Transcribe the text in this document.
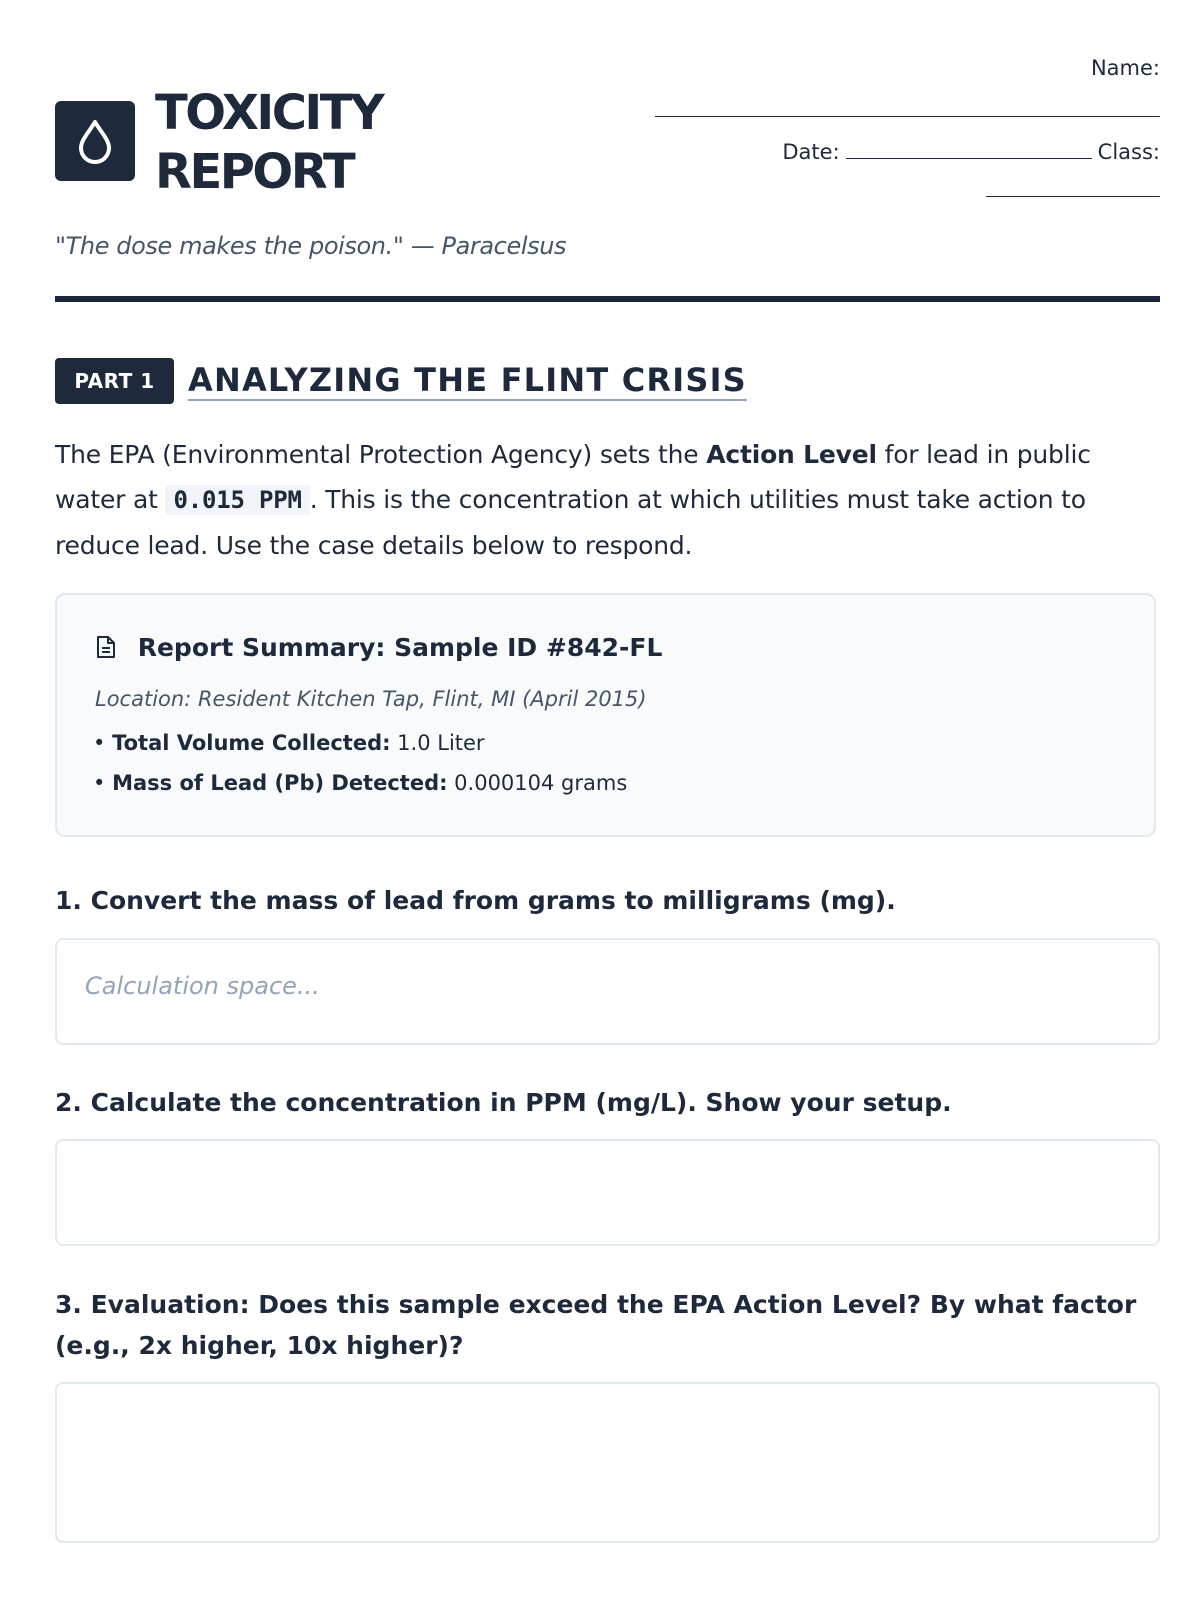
TOXICITY
REPORT
"The dose makes the poison." — Paracelsus
Name:
Date:	Class:
PART 1	ANALYZING THE FLINT CRISIS
The EPA (Environmental Protection Agency) sets the Action Level for lead in public water at 0.015 PPM . This is the concentration at which utilities must take action to reduce lead. Use the case details below to respond.
Report Summary: Sample ID #842-FL
Location: Resident Kitchen Tap, Flint, MI (April 2015)
• Total Volume Collected: 1.0 Liter
• Mass of Lead (Pb) Detected: 0.000104 grams
1. Convert the mass of lead from grams to milligrams (mg).
Calculation space...
2. Calculate the concentration in PPM (mg/L). Show your setup.
3. Evaluation: Does this sample exceed the EPA Action Level? By what factor (e.g., 2x higher, 10x higher)?
